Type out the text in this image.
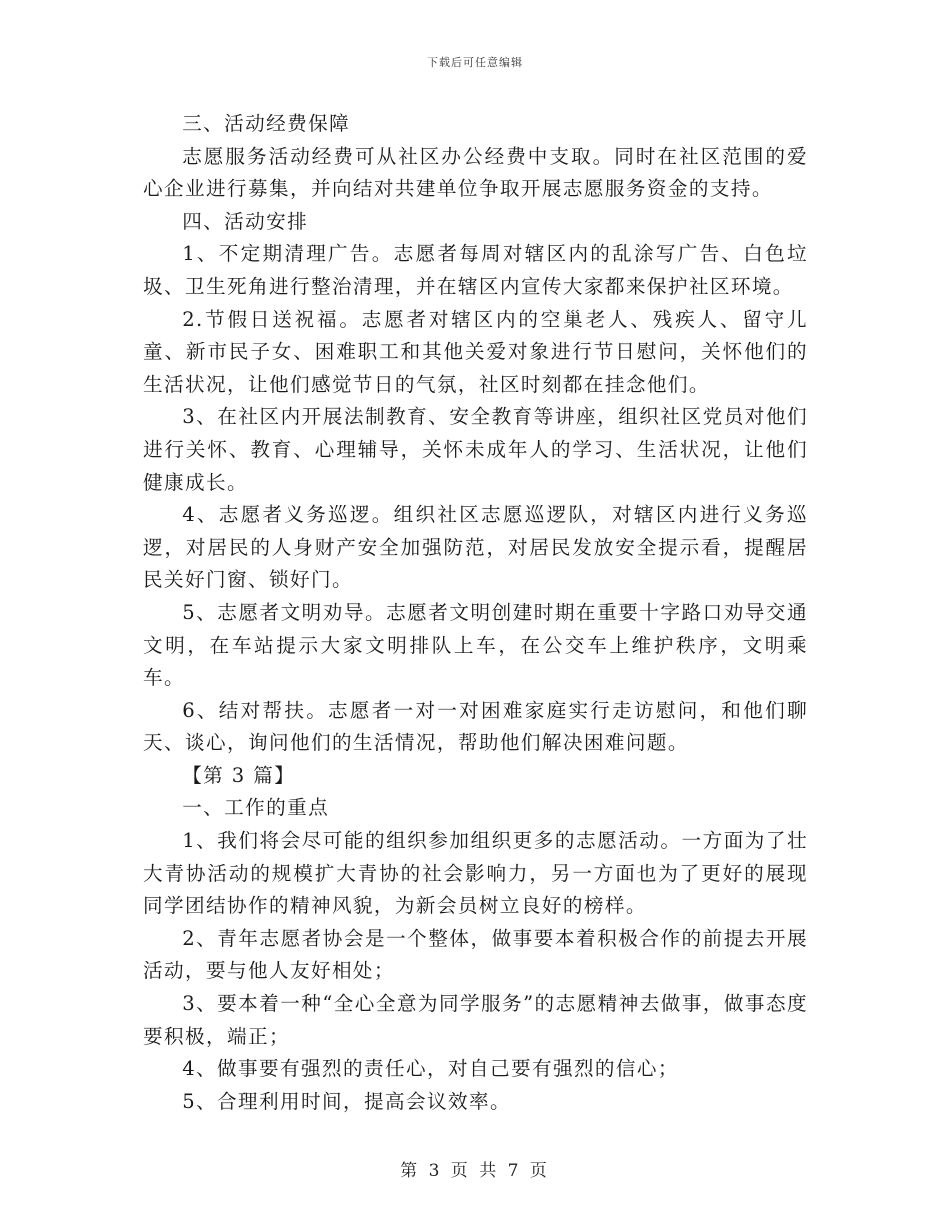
下载后可任意编辑

三、活动经费保障

志愿服务活动经费可从社区办公经费中支取。同时在社区范围的爱心企业进行募集，并向结对共建单位争取开展志愿服务资金的支持。

四、活动安排

1、不定期清理广告。志愿者每周对辖区内的乱涂写广告、白色垃圾、卫生死角进行整治清理，并在辖区内宣传大家都来保护社区环境。

2.节假日送祝福。志愿者对辖区内的空巢老人、残疾人、留守儿童、新市民子女、困难职工和其他关爱对象进行节日慰问，关怀他们的生活状况，让他们感觉节日的气氛，社区时刻都在挂念他们。

3、在社区内开展法制教育、安全教育等讲座，组织社区党员对他们进行关怀、教育、心理辅导，关怀未成年人的学习、生活状况，让他们健康成长。

4、志愿者义务巡逻。组织社区志愿巡逻队，对辖区内进行义务巡逻，对居民的人身财产安全加强防范，对居民发放安全提示看，提醒居民关好门窗、锁好门。

5、志愿者文明劝导。志愿者文明创建时期在重要十字路口劝导交通文明，在车站提示大家文明排队上车，在公交车上维护秩序，文明乘车。

6、结对帮扶。志愿者一对一对困难家庭实行走访慰问，和他们聊天、谈心，询问他们的生活情况，帮助他们解决困难问题。

【第 3 篇】

一、工作的重点

1、我们将会尽可能的组织参加组织更多的志愿活动。一方面为了壮大青协活动的规模扩大青协的社会影响力，另一方面也为了更好的展现同学团结协作的精神风貌，为新会员树立良好的榜样。

2、青年志愿者协会是一个整体，做事要本着积极合作的前提去开展活动，要与他人友好相处；

3、要本着一种“全心全意为同学服务”的志愿精神去做事，做事态度要积极，端正；

4、做事要有强烈的责任心，对自己要有强烈的信心；

5、合理利用时间，提高会议效率。

第 3 页 共 7 页
